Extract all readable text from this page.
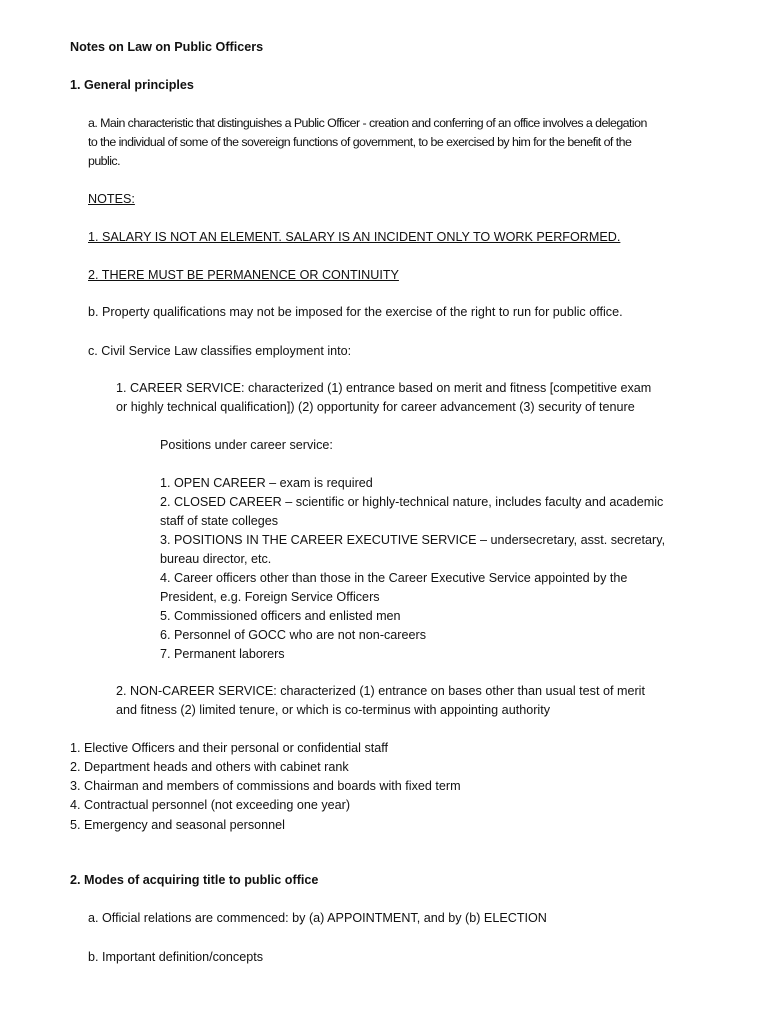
Notes on Law on Public Officers
1. General principles
a. Main characteristic that distinguishes a Public Officer - creation and conferring of an office involves a delegation
to the individual of some of the sovereign functions of government, to be exercised by him for the benefit of the
public.
NOTES:
1. SALARY IS NOT AN ELEMENT. SALARY IS AN INCIDENT ONLY TO WORK PERFORMED.
2. THERE MUST BE PERMANENCE OR CONTINUITY
b. Property qualifications may not be imposed for the exercise of the right to run for public office.
c. Civil Service Law classifies employment into:
1. CAREER SERVICE: characterized (1) entrance based on merit and fitness [competitive exam
or highly technical qualification]) (2) opportunity for career advancement (3) security of tenure
Positions under career service:
1. OPEN CAREER – exam is required
2. CLOSED CAREER – scientific or highly-technical nature, includes faculty and academic
staff of state colleges
3. POSITIONS IN THE CAREER EXECUTIVE SERVICE – undersecretary, asst. secretary,
bureau director, etc.
4. Career officers other than those in the Career Executive Service appointed by the
President, e.g. Foreign Service Officers
5. Commissioned officers and enlisted men
6. Personnel of GOCC who are not non-careers
7. Permanent laborers
2. NON-CAREER SERVICE: characterized (1) entrance on bases other than usual test of merit
and fitness (2) limited tenure, or which is co-terminus with appointing authority
1. Elective Officers and their personal or confidential staff
2. Department heads and others with cabinet rank
3. Chairman and members of commissions and boards with fixed term
4. Contractual personnel (not exceeding one year)
5. Emergency and seasonal personnel
2. Modes of acquiring title to public office
a. Official relations are commenced: by (a) APPOINTMENT, and by (b) ELECTION
b. Important definition/concepts
